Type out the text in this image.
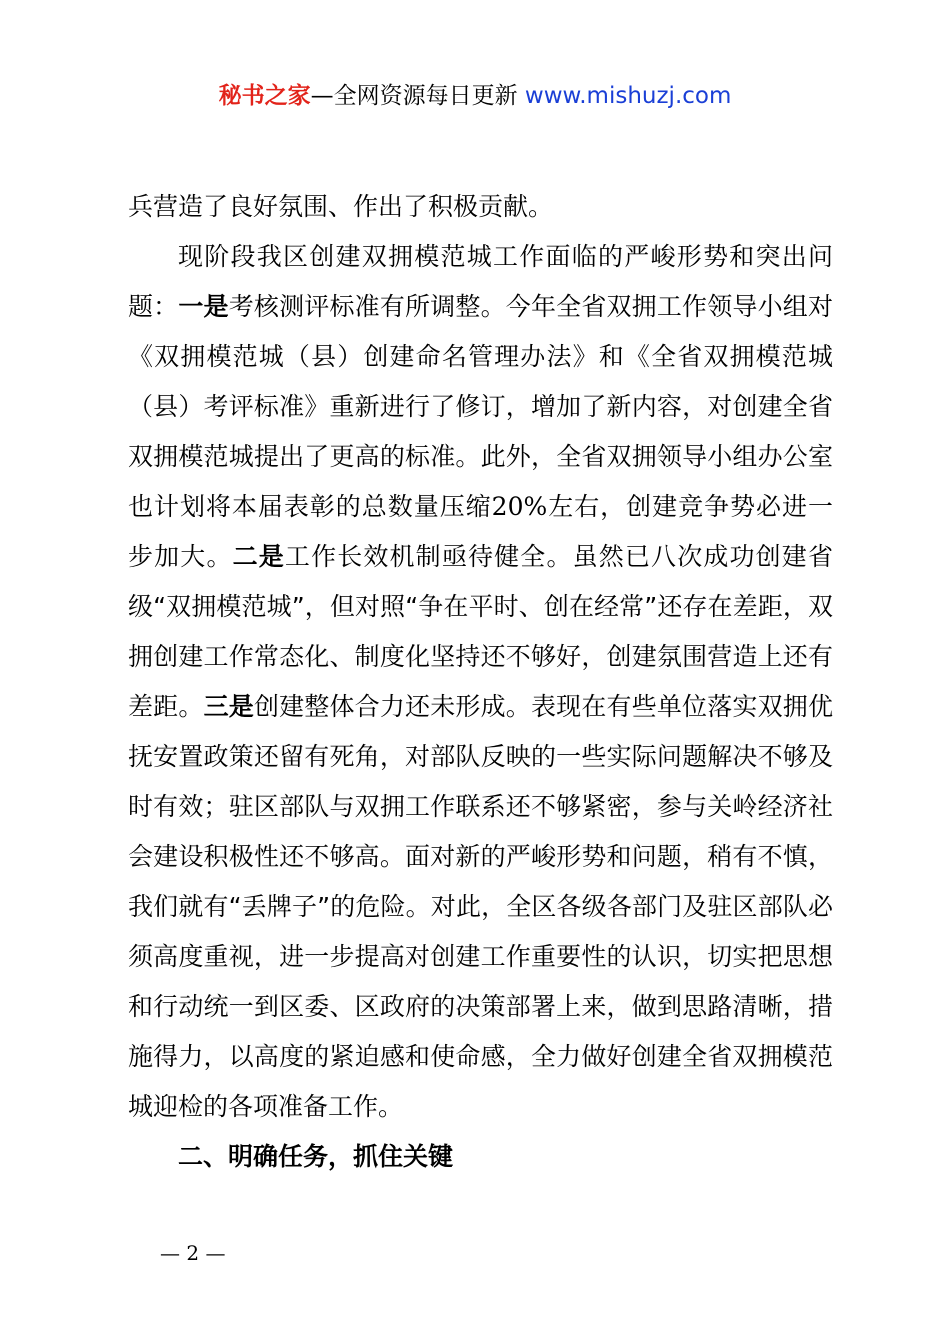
秘书之家—全网资源每日更新 www.mishuzj.com

兵营造了良好氛围、作出了积极贡献。

现阶段我区创建双拥模范城工作面临的严峻形势和突出问题：一是考核测评标准有所调整。今年全省双拥工作领导小组对《双拥模范城（县）创建命名管理办法》和《全省双拥模范城（县）考评标准》重新进行了修订，增加了新内容，对创建全省双拥模范城提出了更高的标准。此外，全省双拥领导小组办公室也计划将本届表彰的总数量压缩20%左右，创建竞争势必进一步加大。二是工作长效机制亟待健全。虽然已八次成功创建省级“双拥模范城”，但对照“争在平时、创在经常”还存在差距，双拥创建工作常态化、制度化坚持还不够好，创建氛围营造上还有差距。三是创建整体合力还未形成。表现在有些单位落实双拥优抚安置政策还留有死角，对部队反映的一些实际问题解决不够及时有效；驻区部队与双拥工作联系还不够紧密，参与关岭经济社会建设积极性还不够高。面对新的严峻形势和问题，稍有不慎，我们就有“丢牌子”的危险。对此，全区各级各部门及驻区部队必须高度重视，进一步提高对创建工作重要性的认识，切实把思想和行动统一到区委、区政府的决策部署上来，做到思路清晰，措施得力，以高度的紧迫感和使命感，全力做好创建全省双拥模范城迎检的各项准备工作。

二、明确任务，抓住关键

— 2 —
